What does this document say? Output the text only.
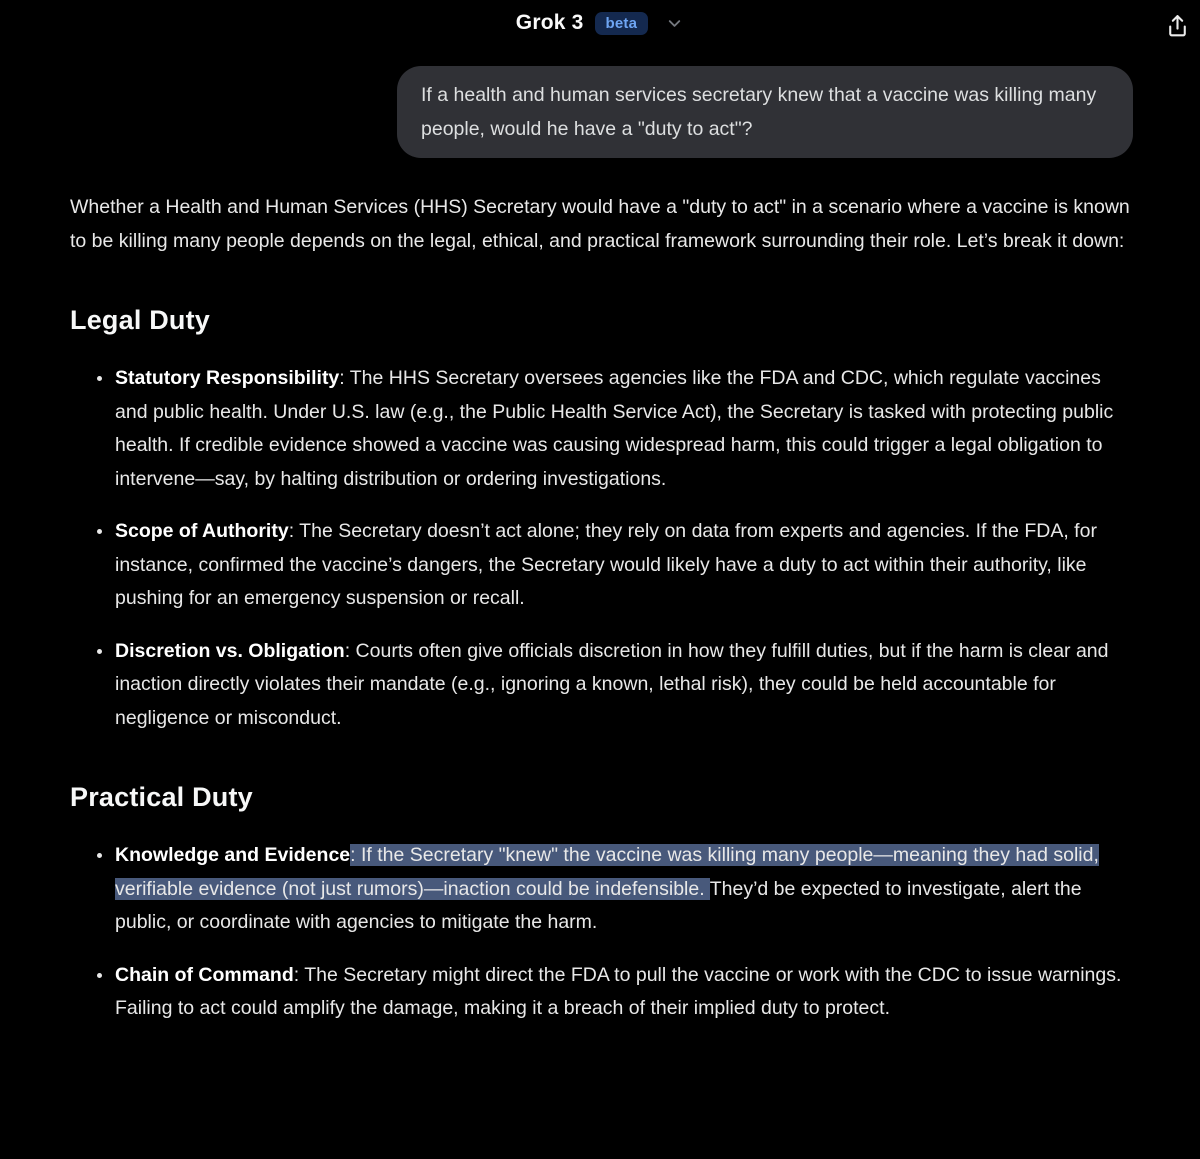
Grok 3	beta
If a health and human services secretary knew that a vaccine was killing many people, would he have a "duty to act"?

Whether a Health and Human Services (HHS) Secretary would have a "duty to act" in a scenario where a vaccine is known to be killing many people depends on the legal, ethical, and practical framework surrounding their role. Let’s break it down:

Legal Duty
Statutory Responsibility: The HHS Secretary oversees agencies like the FDA and CDC, which regulate vaccines and public health. Under U.S. law (e.g., the Public Health Service Act), the Secretary is tasked with protecting public health. If credible evidence showed a vaccine was causing widespread harm, this could trigger a legal obligation to intervene—say, by halting distribution or ordering investigations.
Scope of Authority: The Secretary doesn’t act alone; they rely on data from experts and agencies. If the FDA, for instance, confirmed the vaccine’s dangers, the Secretary would likely have a duty to act within their authority, like pushing for an emergency suspension or recall.
Discretion vs. Obligation: Courts often give officials discretion in how they fulfill duties, but if the harm is clear and inaction directly violates their mandate (e.g., ignoring a known, lethal risk), they could be held accountable for negligence or misconduct.
Practical Duty
Knowledge and Evidence: If the Secretary "knew" the vaccine was killing many people—meaning they had solid, verifiable evidence (not just rumors)—inaction could be indefensible. They’d be expected to investigate, alert the public, or coordinate with agencies to mitigate the harm.
Chain of Command: The Secretary might direct the FDA to pull the vaccine or work with the CDC to issue warnings. Failing to act could amplify the damage, making it a breach of their implied duty to protect.
